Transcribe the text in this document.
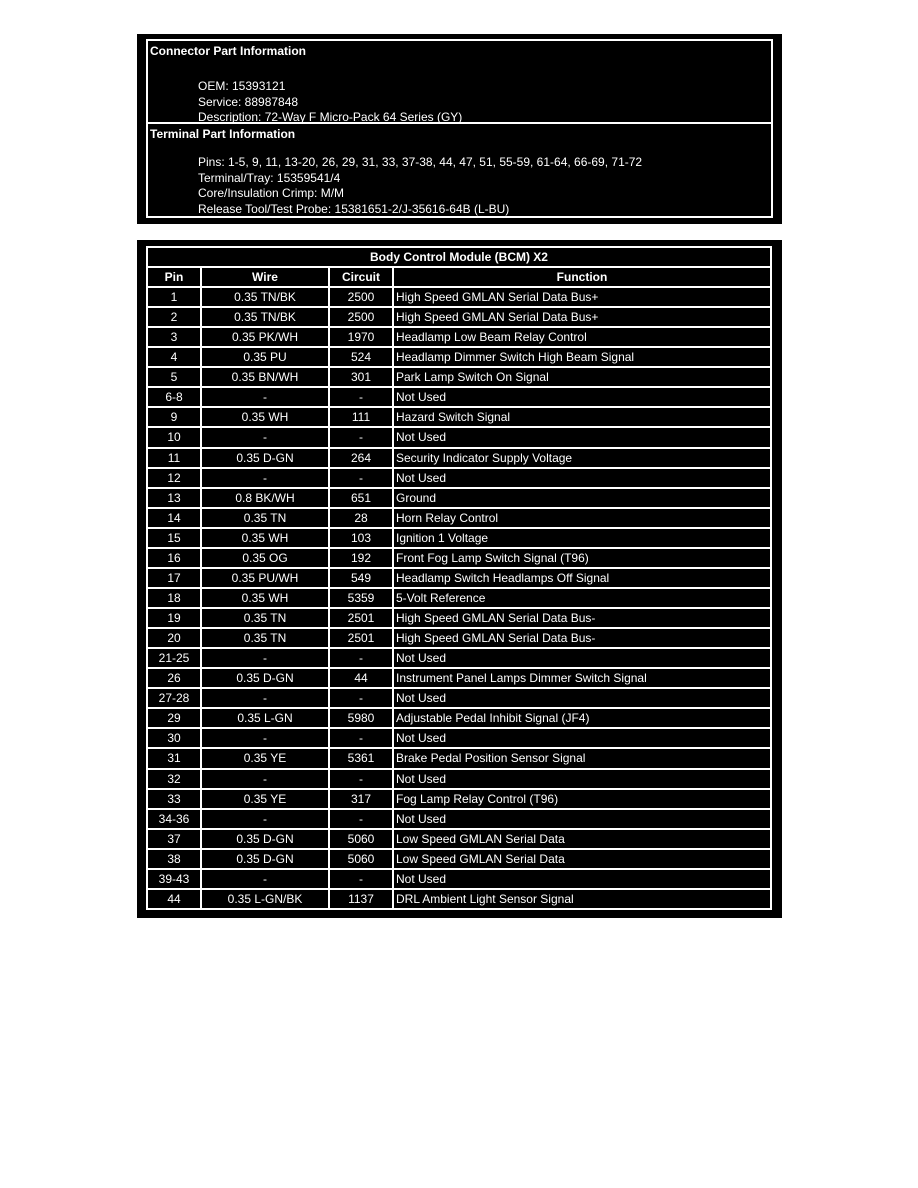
Connector Part Information
OEM: 15393121
Service: 88987848
Description: 72-Way F Micro-Pack 64 Series (GY)
Terminal Part Information
Pins: 1-5, 9, 11, 13-20, 26, 29, 31, 33, 37-38, 44, 47, 51, 55-59, 61-64, 66-69, 71-72
Terminal/Tray: 15359541/4
Core/Insulation Crimp: M/M
Release Tool/Test Probe: 15381651-2/J-35616-64B (L-BU)
Body Control Module (BCM) X2			
Pin	Wire	Circuit	Function
1	0.35 TN/BK	2500	High Speed GMLAN Serial Data Bus+
2	0.35 TN/BK	2500	High Speed GMLAN Serial Data Bus+
3	0.35 PK/WH	1970	Headlamp Low Beam Relay Control
4	0.35 PU	524	Headlamp Dimmer Switch High Beam Signal
5	0.35 BN/WH	301	Park Lamp Switch On Signal
6-8	-	-	Not Used
9	0.35 WH	111	Hazard Switch Signal
10	-	-	Not Used
11	0.35 D-GN	264	Security Indicator Supply Voltage
12	-	-	Not Used
13	0.8 BK/WH	651	Ground
14	0.35 TN	28	Horn Relay Control
15	0.35 WH	103	Ignition 1 Voltage
16	0.35 OG	192	Front Fog Lamp Switch Signal (T96)
17	0.35 PU/WH	549	Headlamp Switch Headlamps Off Signal
18	0.35 WH	5359	5-Volt Reference
19	0.35 TN	2501	High Speed GMLAN Serial Data Bus-
20	0.35 TN	2501	High Speed GMLAN Serial Data Bus-
21-25	-	-	Not Used
26	0.35 D-GN	44	Instrument Panel Lamps Dimmer Switch Signal
27-28	-	-	Not Used
29	0.35 L-GN	5980	Adjustable Pedal Inhibit Signal (JF4)
30	-	-	Not Used
31	0.35 YE	5361	Brake Pedal Position Sensor Signal
32	-	-	Not Used
33	0.35 YE	317	Fog Lamp Relay Control (T96)
34-36	-	-	Not Used
37	0.35 D-GN	5060	Low Speed GMLAN Serial Data
38	0.35 D-GN	5060	Low Speed GMLAN Serial Data
39-43	-	-	Not Used
44	0.35 L-GN/BK	1137	DRL Ambient Light Sensor Signal
